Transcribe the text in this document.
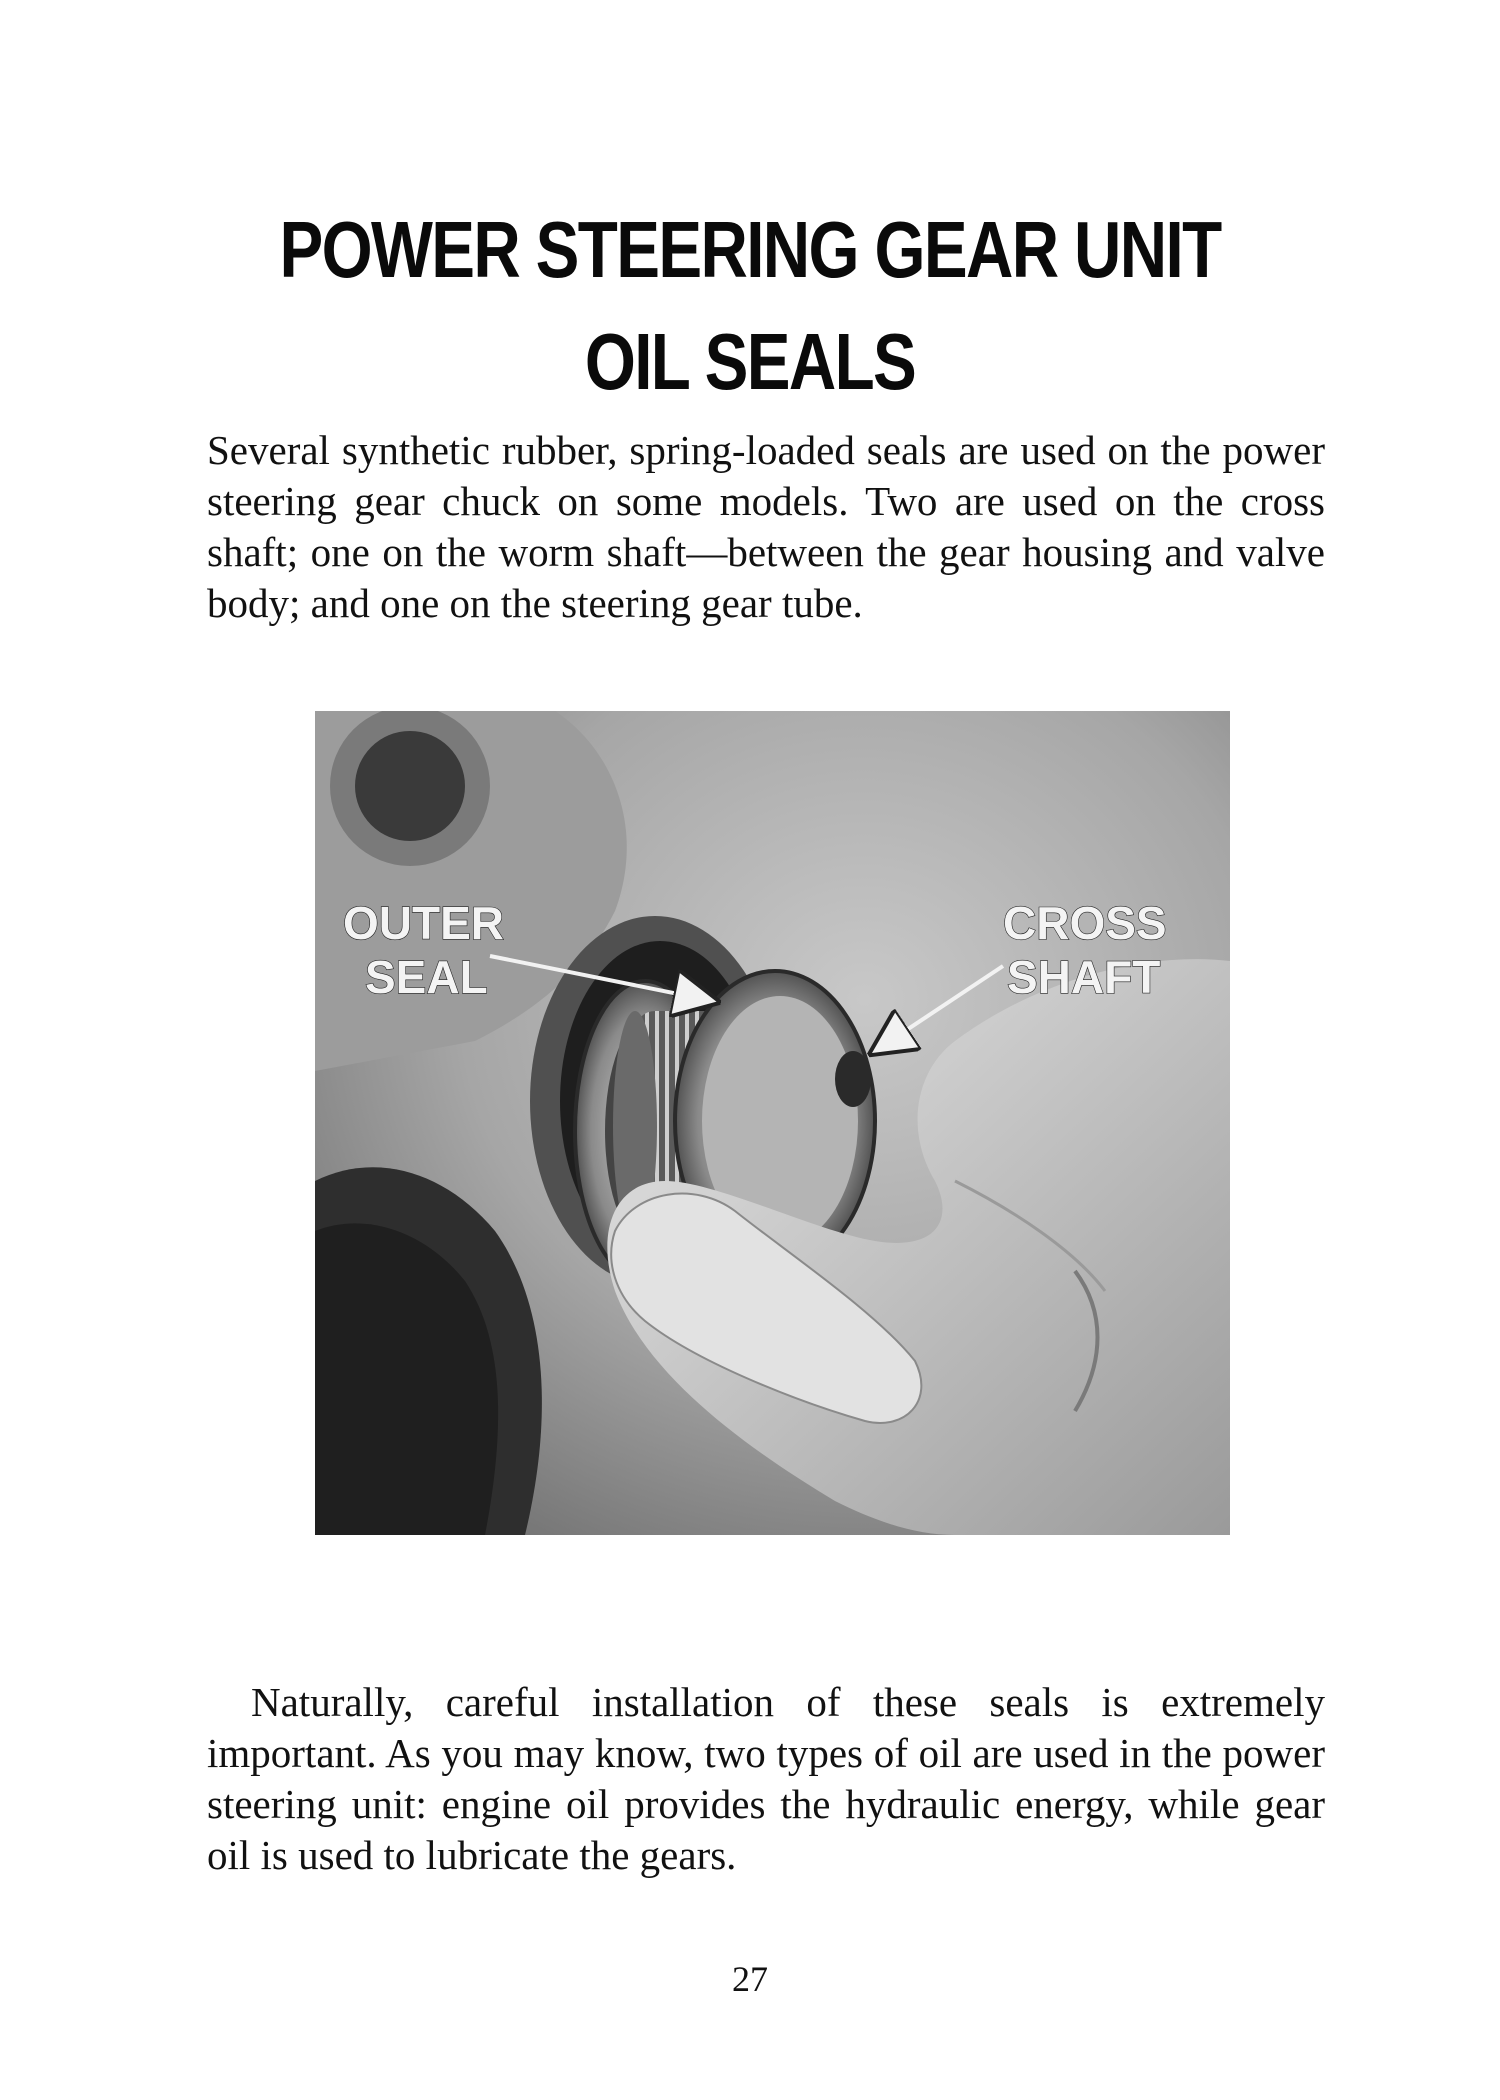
POWER STEERING GEAR UNIT
OIL SEALS

Several synthetic rubber, spring-loaded seals are used on the power steering gear chuck on some models. Two are used on the cross shaft; one on the worm shaft—between the gear housing and valve body; and one on the steering gear tube.

OUTER
SEAL
CROSS
SHAFT

Naturally, careful installation of these seals is extremely important. As you may know, two types of oil are used in the power steering unit: engine oil provides the hydraulic energy, while gear oil is used to lubricate the gears.

27
